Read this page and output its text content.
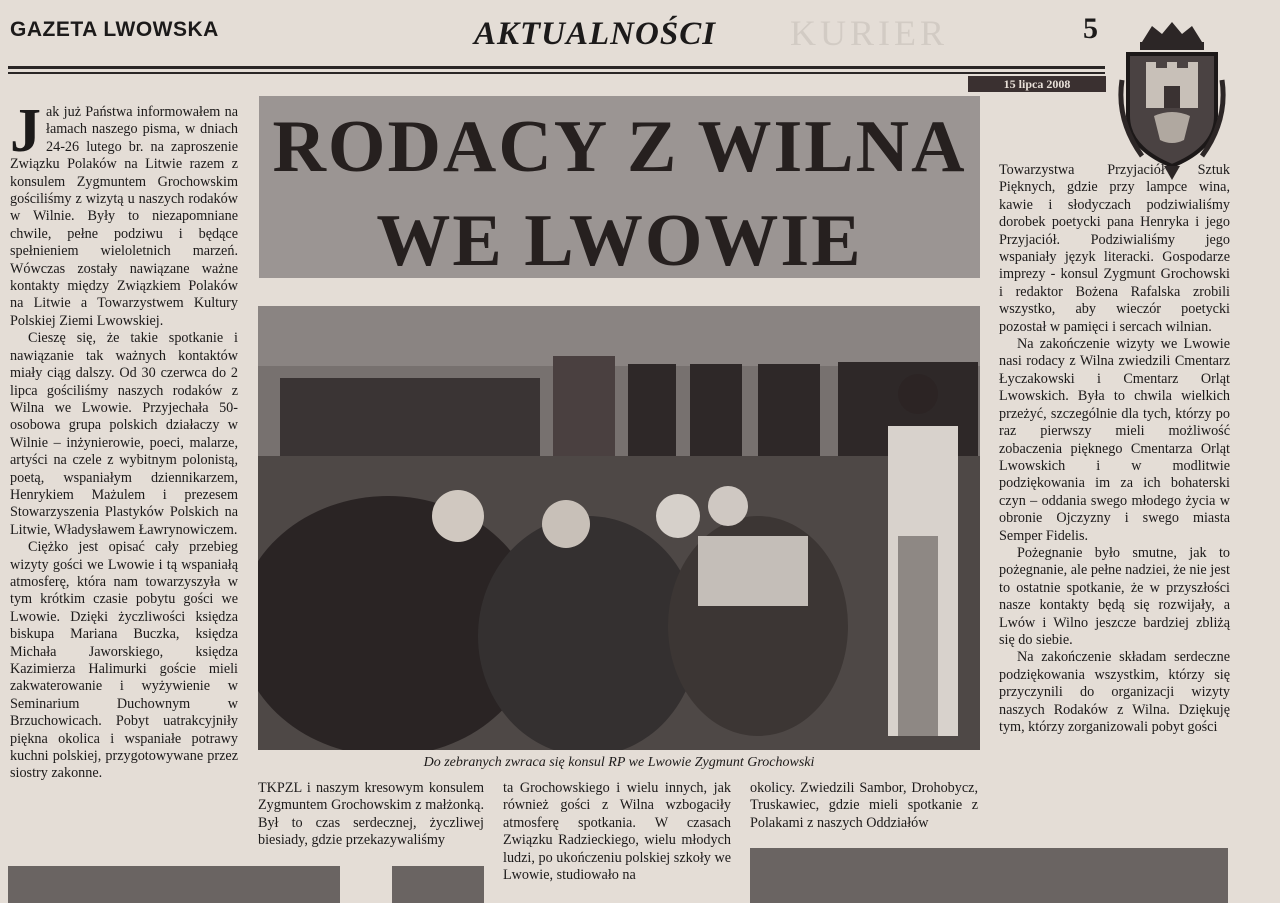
GAZETA LWOWSKA	KURIER
AKTUALNOŚCI	5
15 lipca 2008

Jak już Państwa informowałem na łamach naszego pisma, w dniach 24-26 lutego br. na zaproszenie Związku Polaków na Litwie razem z konsulem Zygmuntem Grochowskim gościliśmy z wizytą u naszych rodaków w Wilnie. Były to niezapomniane chwile, pełne podziwu i będące spełnieniem wieloletnich marzeń. Wówczas zostały nawiązane ważne kontakty między Związkiem Polaków na Litwie a Towarzystwem Kultury Polskiej Ziemi Lwowskiej.

Cieszę się, że takie spotkanie i nawiązanie tak ważnych kontaktów miały ciąg dalszy. Od 30 czerwca do 2 lipca gościliśmy naszych rodaków z Wilna we Lwowie. Przyjechała 50-osobowa grupa polskich działaczy w Wilnie – inżynierowie, poeci, malarze, artyści na czele z wybitnym polonistą, poetą, wspaniałym dziennikarzem, Henrykiem Mażulem i prezesem Stowarzyszenia Plastyków Polskich na Litwie, Władysławem Ławrynowiczem.

Ciężko jest opisać cały przebieg wizyty gości we Lwowie i tą wspaniałą atmosferę, która nam towarzyszyła w tym krótkim czasie pobytu gości we Lwowie. Dzięki życzliwości księdza biskupa Mariana Buczka, księdza Michała Jaworskiego, księdza Kazimierza Halimurki goście mieli zakwaterowanie i wyżywienie w Seminarium Duchownym w Brzuchowicach. Pobyt uatrakcyjniły piękna okolica i wspaniałe potrawy kuchni polskiej, przygotowywane przez siostry zakonne.

RODACY Z WILNA
WE LWOWIE
Do zebranych zwraca się konsul RP we Lwowie Zygmunt Grochowski

TKPZL i naszym kresowym konsulem Zygmuntem Grochowskim z małżonką. Był to czas serdecznej, życzliwej biesiady, gdzie przekazywaliśmy

ta Grochowskiego i wielu innych, jak również gości z Wilna wzbogaciły atmosferę spotkania. W czasach Związku Radzieckiego, wielu młodych ludzi, po ukończeniu polskiej szkoły we Lwowie, studiowało na

okolicy. Zwiedzili Sambor, Drohobycz, Truskawiec, gdzie mieli spotkanie z Polakami z naszych Oddziałów

Towarzystwa Przyjaciół Sztuk Pięknych, gdzie przy lampce wina, kawie i słodyczach podziwialiśmy dorobek poetycki pana Henryka i jego Przyjaciół. Podziwialiśmy jego wspaniały język literacki. Gospodarze imprezy - konsul Zygmunt Grochowski i redaktor Bożena Rafalska zrobili wszystko, aby wieczór poetycki pozostał w pamięci i sercach wilnian.

Na zakończenie wizyty we Lwowie nasi rodacy z Wilna zwiedzili Cmentarz Łyczakowski i Cmentarz Orląt Lwowskich. Była to chwila wielkich przeżyć, szczególnie dla tych, którzy po raz pierwszy mieli możliwość zobaczenia pięknego Cmentarza Orląt Lwowskich i w modlitwie podziękowania im za ich bohaterski czyn – oddania swego młodego życia w obronie Ojczyzny i swego miasta Semper Fidelis.

Pożegnanie było smutne, jak to pożegnanie, ale pełne nadziei, że nie jest to ostatnie spotkanie, że w przyszłości nasze kontakty będą się rozwijały, a Lwów i Wilno jeszcze bardziej zbliżą się do siebie.

Na zakończenie składam serdeczne podziękowania wszystkim, którzy się przyczynili do organizacji wizyty naszych Rodaków z Wilna. Dziękuję tym, którzy zorganizowali pobyt gości
